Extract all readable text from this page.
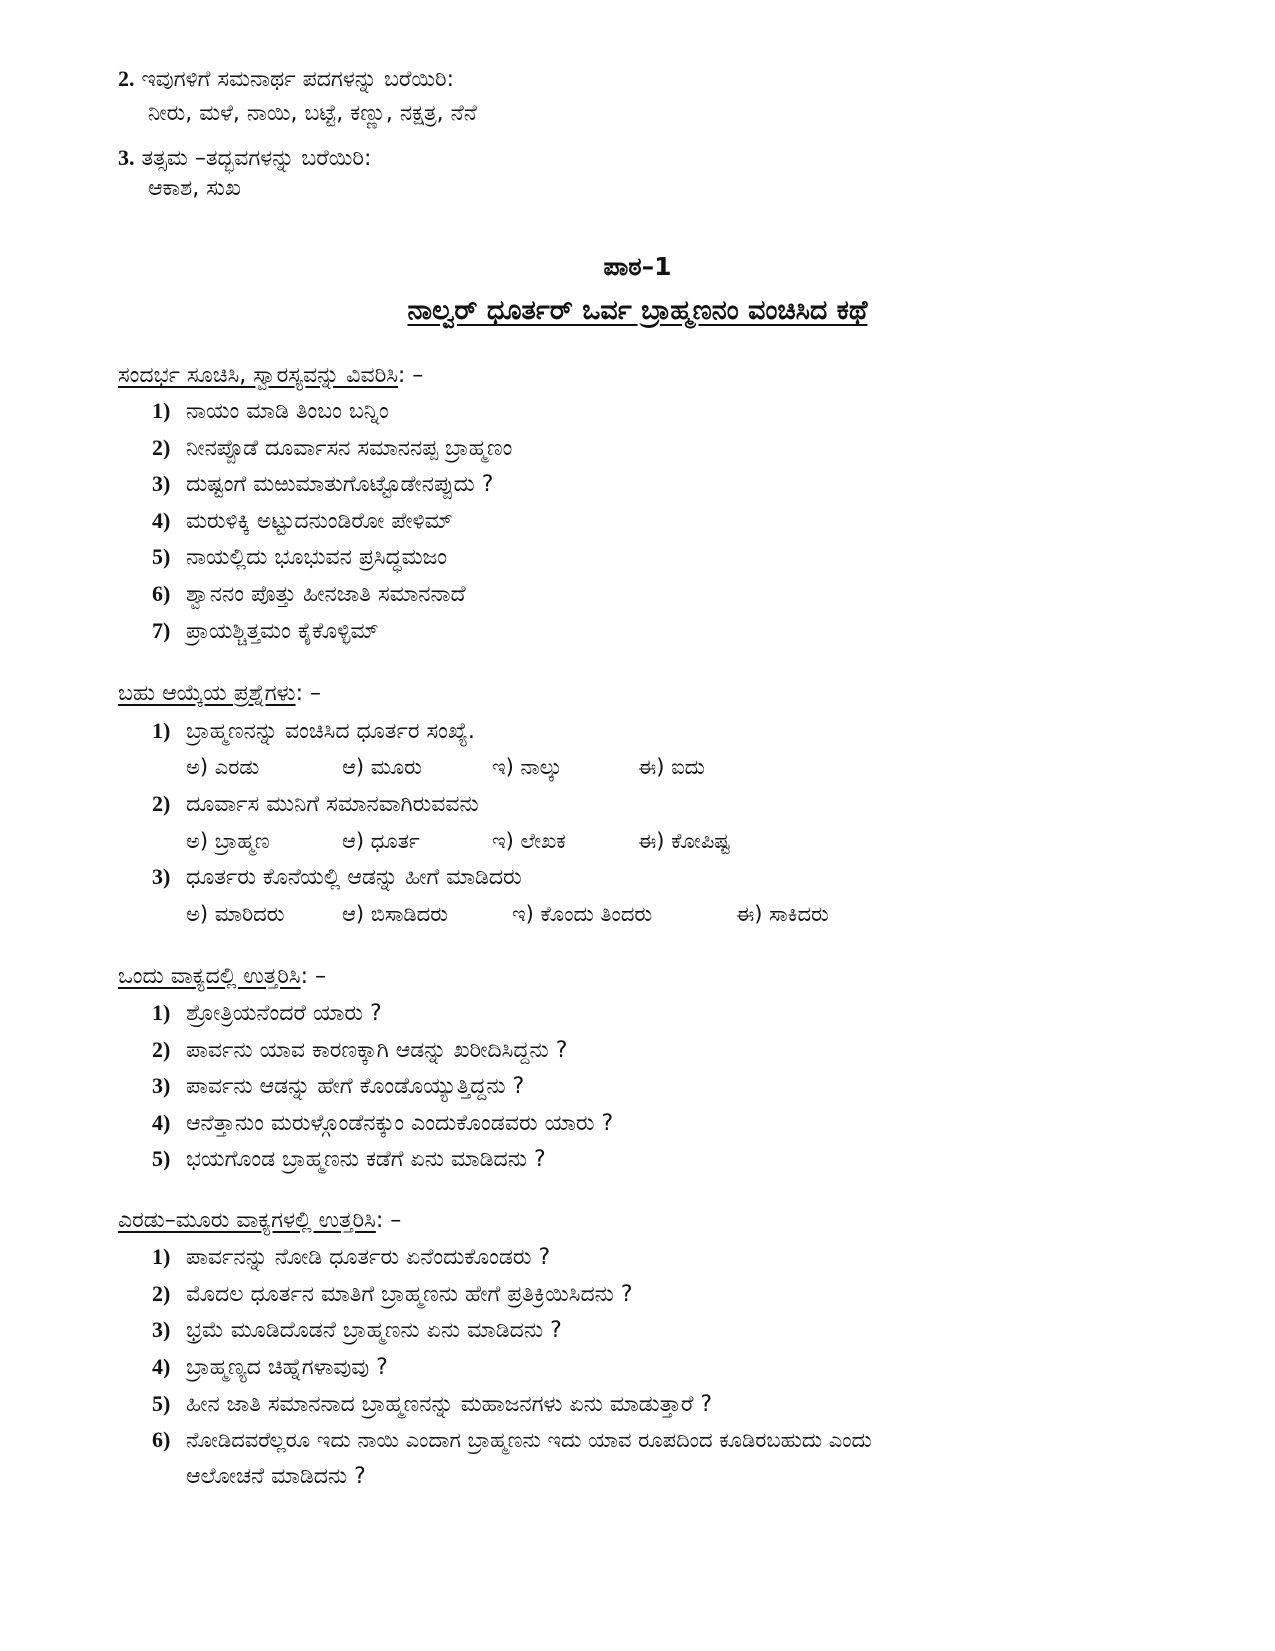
2. ಇವುಗಳಿಗೆ ಸಮನಾರ್ಥ ಪದಗಳನ್ನು ಬರೆಯಿರಿ:
ನೀರು, ಮಳೆ, ನಾಯಿ, ಬಟ್ಟೆ, ಕಣ್ಣು, ನಕ್ಷತ್ರ, ನೆನೆ
3. ತತ್ಸಮ –ತದ್ಭವಗಳನ್ನು ಬರೆಯಿರಿ:
ಆಕಾಶ, ಸುಖ
ಪಾಠ–1
ನಾಲ್ವರ್ ಧೂರ್ತರ್ ಒರ್ವ ಬ್ರಾಹ್ಮಣನಂ ವಂಚಿಸಿದ ಕಥೆ
ಸಂದರ್ಭ ಸೂಚಿಸಿ, ಸ್ವಾರಸ್ಯವನ್ನು ವಿವರಿಸಿ: –
1) ನಾಯಂ ಮಾಡಿ ತಿಂಬಂ ಬನ್ನಿಂ
2) ನೀನಪ್ಪೊಡೆ ದೂರ್ವಾಸನ ಸಮಾನನಪ್ಪ ಬ್ರಾಹ್ಮಣಂ
3) ದುಷ್ಟಂಗೆ ಮಱುಮಾತುಗೊಟ್ಟೊಡೇನಪ್ಪುದು ?
4) ಮರುಳಿಕ್ಕಿ ಅಟ್ಟುದನುಂಡಿರೋ ಪೇಳಿಮ್
5) ನಾಯಲ್ಲಿದು ಭೂಭುವನ ಪ್ರಸಿದ್ಧಮಜಂ
6) ಶ್ವಾನನಂ ಪೊತ್ತು ಹೀನಜಾತಿ ಸಮಾನನಾದೆ
7) ಪ್ರಾಯಶ್ಚಿತ್ತಮಂ ಕೈಕೊಳ್ಳಿಮ್
ಬಹು ಆಯ್ಕೆಯ ಪ್ರಶ್ನೆಗಳು: –
1) ಬ್ರಾಹ್ಮಣನನ್ನು ವಂಚಿಸಿದ ಧೂರ್ತರ ಸಂಖ್ಯೆ.
ಅ) ಎರಡು	ಆ) ಮೂರು	ಇ) ನಾಲ್ಕು	ಈ) ಐದು
2) ದೂರ್ವಾಸ ಮುನಿಗೆ ಸಮಾನವಾಗಿರುವವನು
ಅ) ಬ್ರಾಹ್ಮಣ	ಆ) ಧೂರ್ತ	ಇ) ಲೇಖಕ	ಈ) ಕೋಪಿಷ್ಟ
3) ಧೂರ್ತರು ಕೊನೆಯಲ್ಲಿ ಆಡನ್ನು ಹೀಗೆ ಮಾಡಿದರು
ಅ) ಮಾರಿದರು	ಆ) ಬಿಸಾಡಿದರು	ಇ) ಕೊಂದು ತಿಂದರು	ಈ) ಸಾಕಿದರು
ಒಂದು ವಾಕ್ಯದಲ್ಲಿ ಉತ್ತರಿಸಿ: –
1) ಶ್ರೋತ್ರಿಯನೆಂದರೆ ಯಾರು ?
2) ಪಾರ್ವನು ಯಾವ ಕಾರಣಕ್ಕಾಗಿ ಆಡನ್ನು ಖರೀದಿಸಿದ್ದನು ?
3) ಪಾರ್ವನು ಆಡನ್ನು ಹೇಗೆ ಕೊಂಡೊಯ್ಯುತ್ತಿದ್ದನು ?
4) ಆನೆತ್ತಾನುಂ ಮರುಳ್ಗೊಂಡೆನಕ್ಕುಂ ಎಂದುಕೊಂಡವರು ಯಾರು ?
5) ಭಯಗೊಂಡ ಬ್ರಾಹ್ಮಣನು ಕಡೆಗೆ ಏನು ಮಾಡಿದನು ?
ಎರಡು–ಮೂರು ವಾಕ್ಯಗಳಲ್ಲಿ ಉತ್ತರಿಸಿ: –
1) ಪಾರ್ವನನ್ನು ನೋಡಿ ಧೂರ್ತರು ಏನೆಂದುಕೊಂಡರು ?
2) ಮೊದಲ ಧೂರ್ತನ ಮಾತಿಗೆ ಬ್ರಾಹ್ಮಣನು ಹೇಗೆ ಪ್ರತಿಕ್ರಿಯಿಸಿದನು ?
3) ಭ್ರಮೆ ಮೂಡಿದೊಡನೆ ಬ್ರಾಹ್ಮಣನು ಏನು ಮಾಡಿದನು ?
4) ಬ್ರಾಹ್ಮಣ್ಯದ ಚಿಹ್ನೆಗಳಾವುವು ?
5) ಹೀನ ಜಾತಿ ಸಮಾನನಾದ ಬ್ರಾಹ್ಮಣನನ್ನು ಮಹಾಜನಗಳು ಏನು ಮಾಡುತ್ತಾರೆ ?
6) ನೋಡಿದವರೆಲ್ಲರೂ ಇದು ನಾಯಿ ಎಂದಾಗ ಬ್ರಾಹ್ಮಣನು ಇದು ಯಾವ ರೂಪದಿಂದ ಕೂಡಿರಬಹುದು ಎಂದು
ಆಲೋಚನೆ ಮಾಡಿದನು ?
